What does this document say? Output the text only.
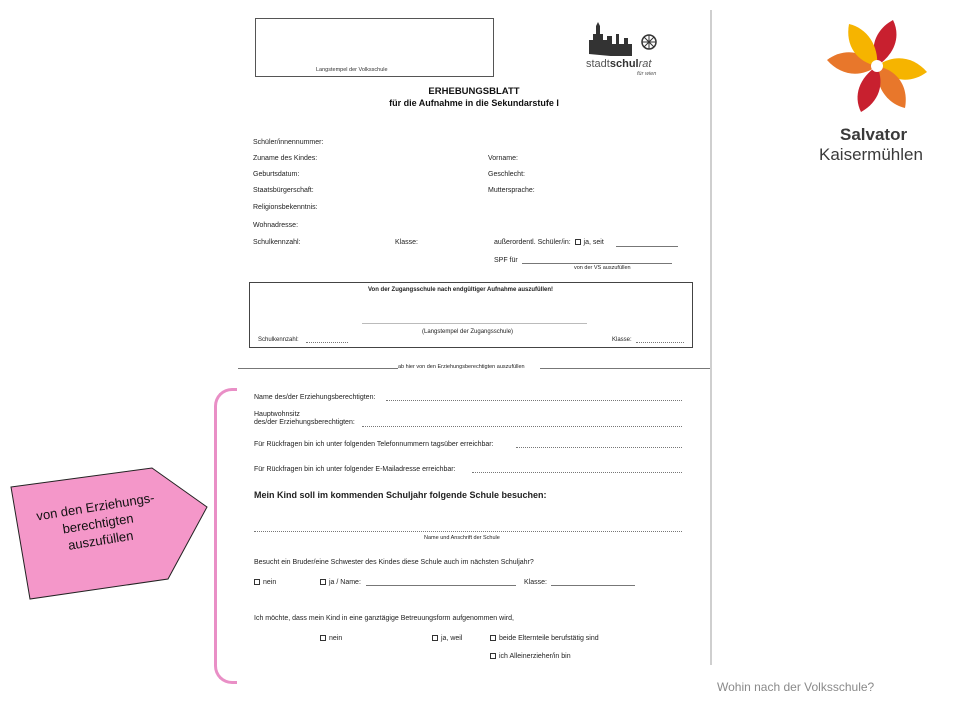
Langstempel der Volksschule	stadtschulrat
für wien
ERHEBUNGSBLATT
für die Aufnahme in die Sekundarstufe I
Schüler/innennummer:
Zuname des Kindes:	Vorname:
Geburtsdatum:	Geschlecht:
Staatsbürgerschaft:	Muttersprache:
Religionsbekenntnis:
Wohnadresse:
Schulkennzahl:	Klasse:	außerordentl. Schüler/in: ja, seit
SPF für
von der VS auszufüllen
Von der Zugangsschule nach endgültiger Aufnahme auszufüllen!
(Langstempel der Zugangsschule)
Schulkennzahl:	Klasse:
ab hier von den Erziehungsberechtigten auszufüllen
Name des/der Erziehungsberechtigten:
Hauptwohnsitz
des/der Erziehungsberechtigten:
Für Rückfragen bin ich unter folgenden Telefonnummern tagsüber erreichbar:
Für Rückfragen bin ich unter folgender E-Mailadresse erreichbar:
Mein Kind soll im kommenden Schuljahr folgende Schule besuchen:
Name und Anschrift der Schule
Besucht ein Bruder/eine Schwester des Kindes diese Schule auch im nächsten Schuljahr?
nein	ja / Name:	Klasse:
Ich möchte, dass mein Kind in eine ganztägige Betreuungsform aufgenommen wird,
nein	ja, weil	beide Elternteile berufstätig sind
ich Alleinerzieher/in bin
von den Erziehungs-berechtigten auszufüllen
Salvator
Kaisermühlen
Wohin nach der Volksschule?
